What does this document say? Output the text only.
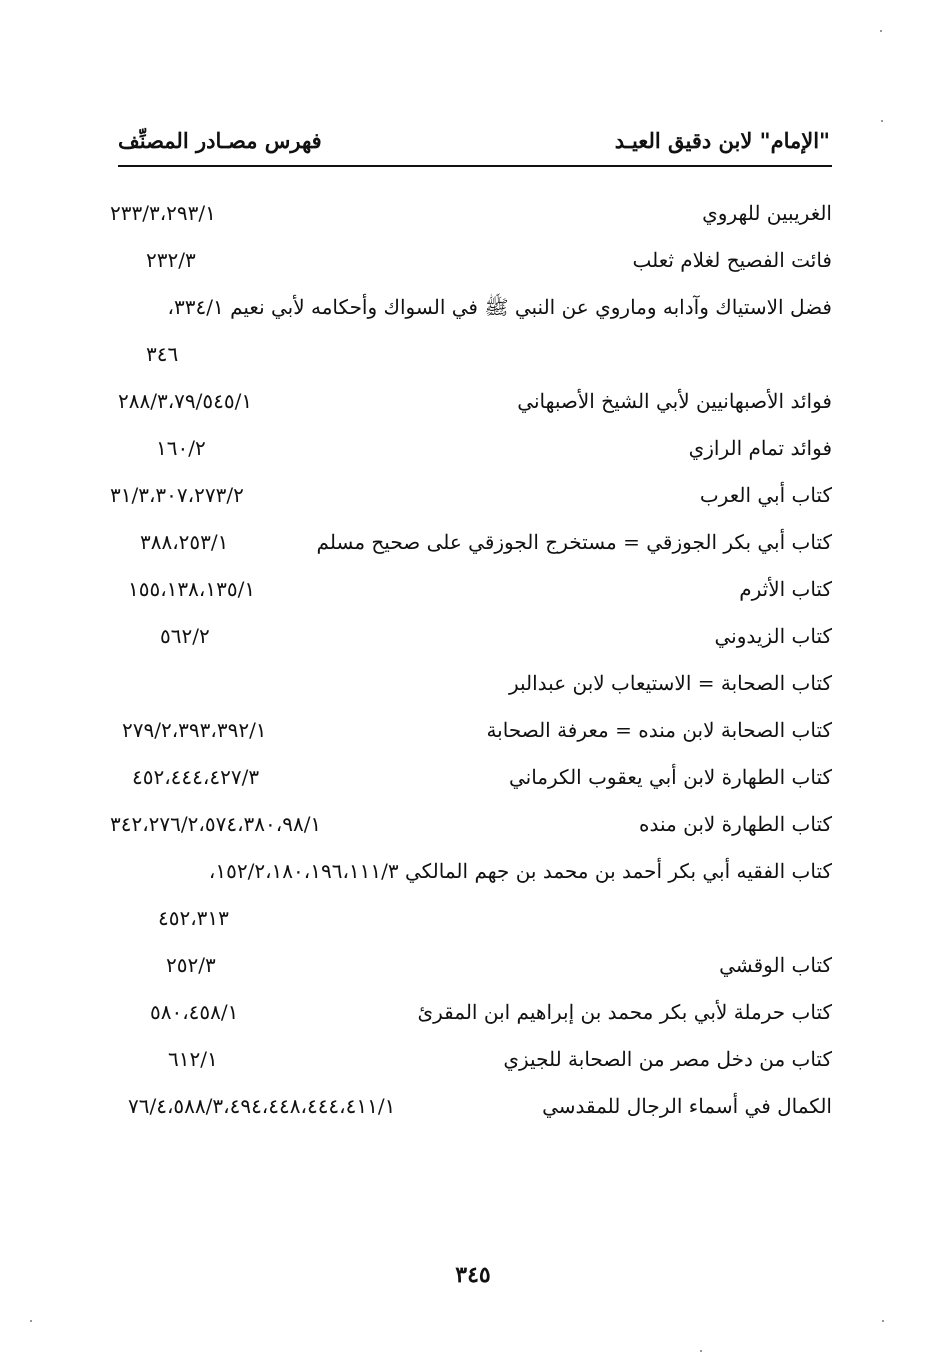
"الإمام" لابن دقيق العيـد
فهرس مصـادر المصنِّف
الغريبين للهروي
٢٣٣/٣،٢٩٣/١
فائت الفصيح لغلام ثعلب
٢٣٢/٣
فضل الاستياك وآدابه وماروي عن النبي ﷺ في السواك وأحكامه لأبي نعيم ٣٣٤/١،
٣٤٦
فوائد الأصبهانيين لأبي الشيخ الأصبهاني
٢٨٨/٣،٧٩/٥٤٥/١
فوائد تمام الرازي
١٦٠/٢
كتاب أبي العرب
٣١/٣،٣٠٧،٢٧٣/٢
كتاب أبي بكر الجوزقي = مستخرج الجوزقي على صحيح مسلم
٣٨٨،٢٥٣/١
كتاب الأثرم
١٥٥،١٣٨،١٣٥/١
كتاب الزيدوني
٥٦٢/٢
كتاب الصحابة = الاستيعاب لابن عبدالبر
كتاب الصحابة لابن منده = معرفة الصحابة
٢٧٩/٢،٣٩٣،٣٩٢/١
كتاب الطهارة لابن أبي يعقوب الكرماني
٤٥٢،٤٤٤،٤٢٧/٣
كتاب الطهارة لابن منده
٣٤٢،٢٧٦/٢،٥٧٤،٣٨٠،٩٨/١
كتاب الفقيه أبي بكر أحمد بن محمد بن جهم المالكي ١٥٢/٢،١٨٠،١٩٦،١١١/٣،
٤٥٢،٣١٣
كتاب الوقشي
٢٥٢/٣
كتاب حرملة لأبي بكر محمد بن إبراهيم ابن المقرئ
٥٨٠،٤٥٨/١
كتاب من دخل مصر من الصحابة للجيزي
٦١٢/١
الكمال في أسماء الرجال للمقدسي
٧٦/٤،٥٨٨/٣،٤٩٤،٤٤٨،٤٤٤،٤١١/١
٣٤٥
